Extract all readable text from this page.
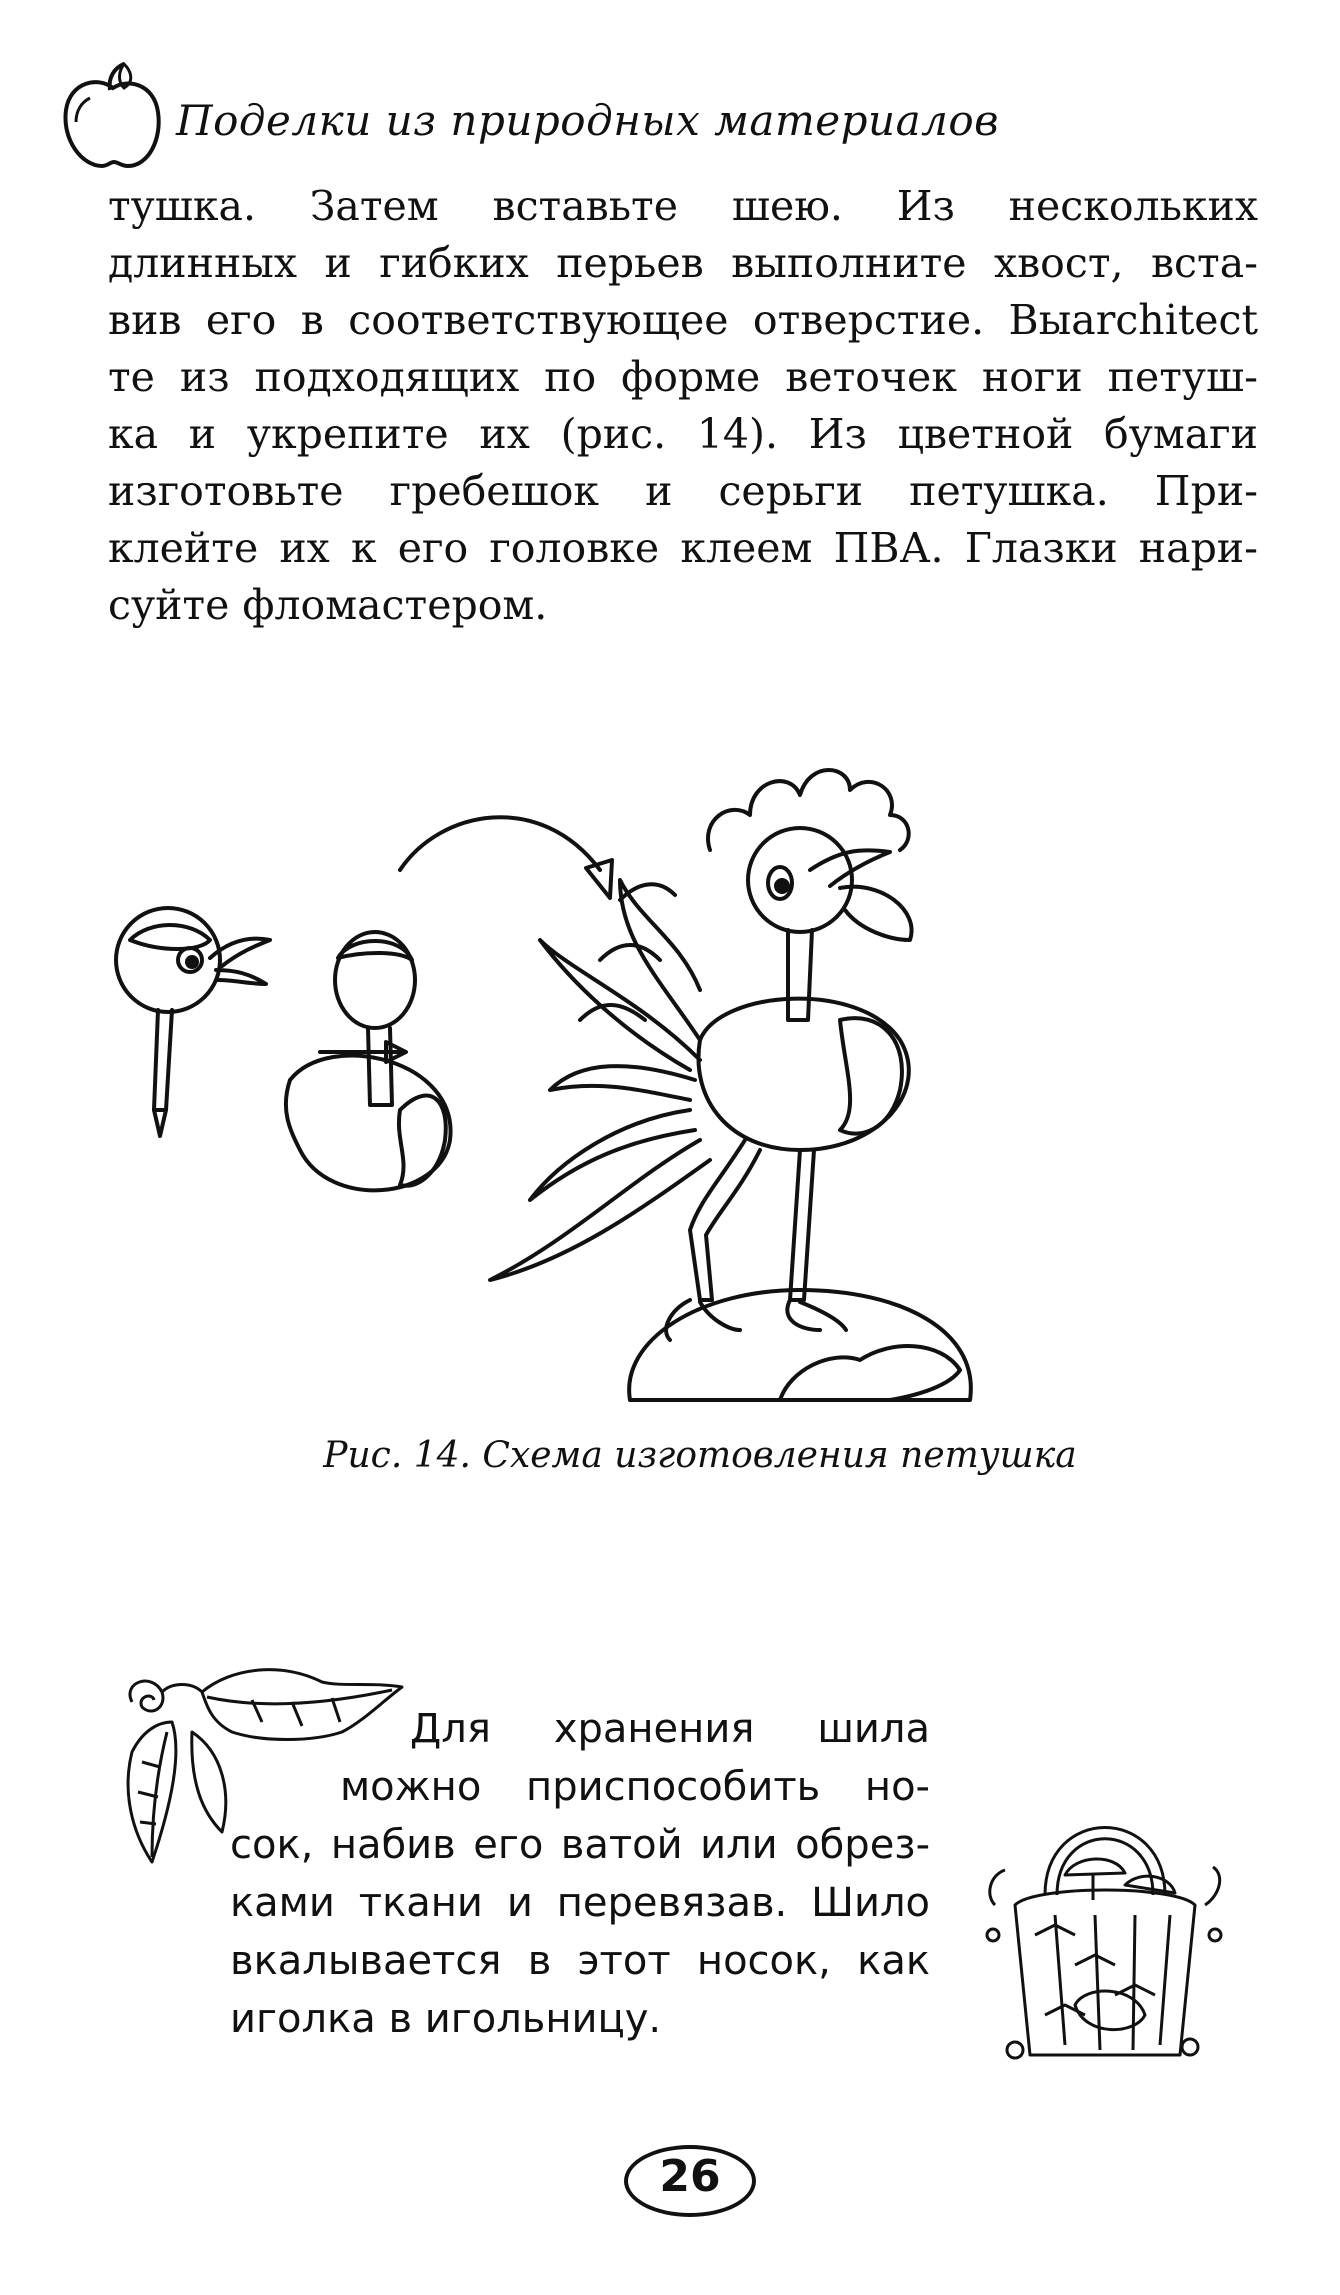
Поделки из природных материалов
тушка. Затем вставьте шею. Из нескольких
длинных и гибких перьев выполните хвост, вста-
вив его в соответствующее отверстие. Выarchitect
те из подходящих по форме веточек ноги петуш-
ка и укрепите их (рис. 14). Из цветной бумаги
изготовьте гребешок и серьги петушка. При-
клейте их к его головке клеем ПВА. Глазки нари-
суйте фломастером.
Рис. 14. Схема изготовления петушка
Для хранения шила
можно приспособить но-
сок, набив его ватой или обрез-
ками ткани и перевязав. Шило
вкалывается в этот носок, как
иголка в игольницу.
26
